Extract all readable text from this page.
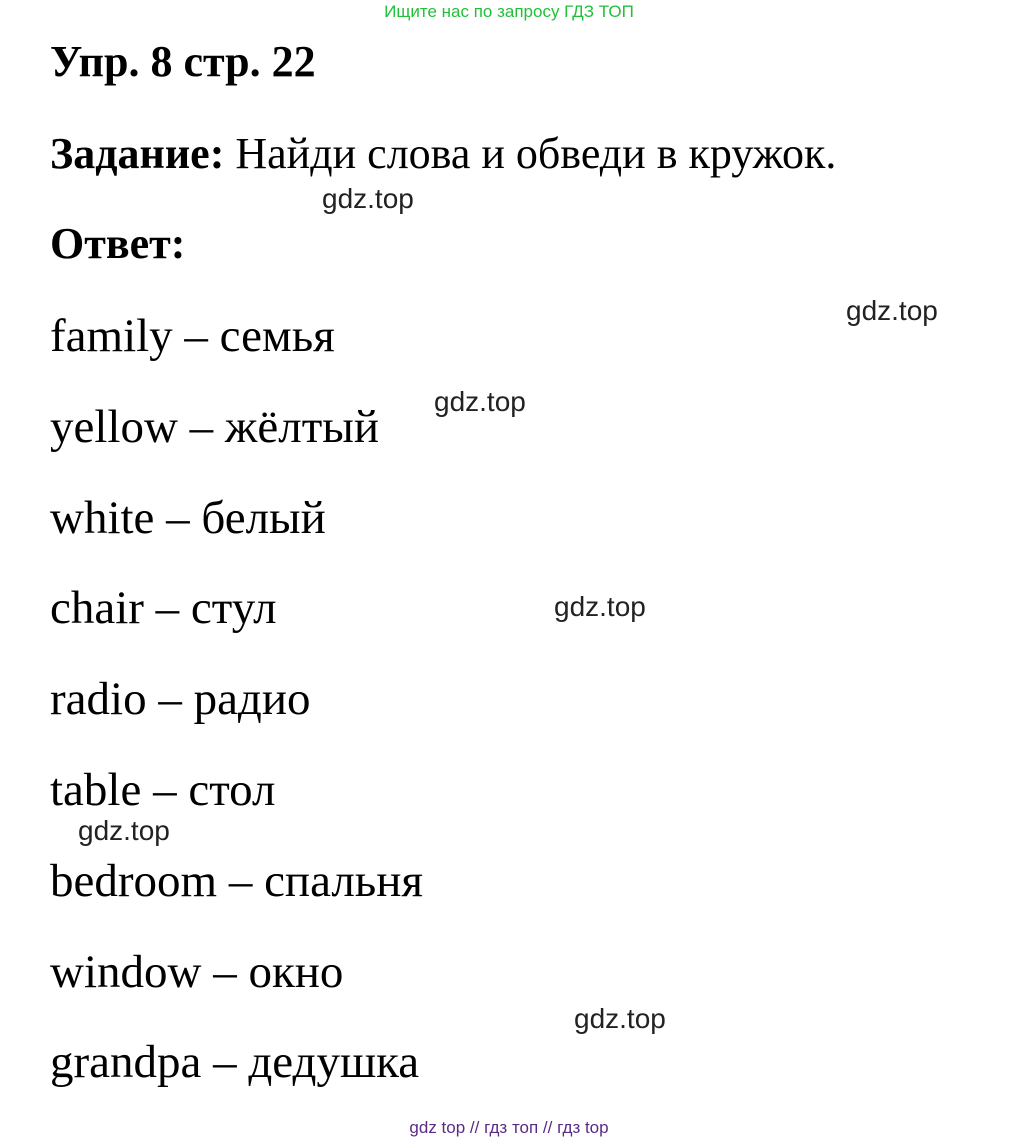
Ищите нас по запросу ГДЗ ТОП
Упр. 8 стр. 22
Задание: Найди слова и обведи в кружок.
Ответ:
family – семья
yellow – жёлтый
white – белый
chair – стул
radio – радио
table – стол
bedroom – спальня
window – окно
grandpa – дедушка
gdz.top
gdz.top
gdz.top
gdz.top
gdz.top
gdz.top
gdz top // гдз топ // гдз top
